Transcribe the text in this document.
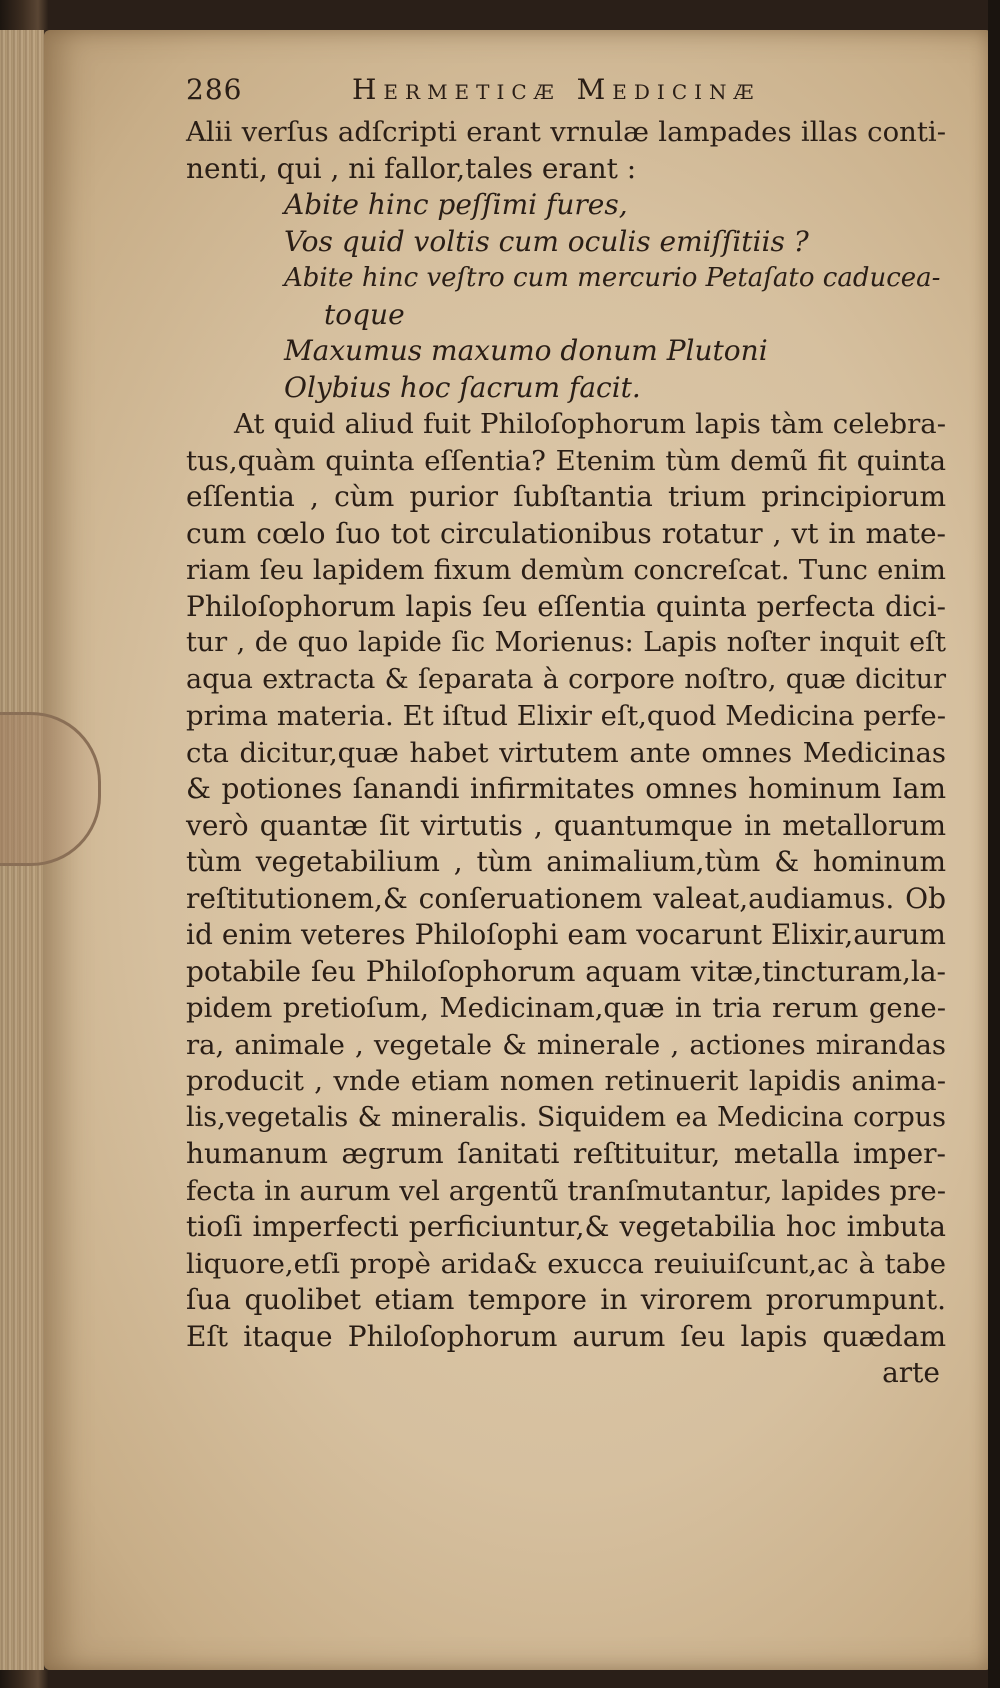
286	Hermeticæ Medicinæ
Alii verſus adſcripti erant vrnulæ lampades illas conti-
nenti, qui , ni fallor,tales erant :
Abite hinc peſſimi fures,
Vos quid voltis cum oculis emiſſitiis ?
Abite hinc veſtro cum mercurio Petaſato caducea-
toque
Maxumus maxumo donum Plutoni
Olybius hoc ſacrum facit.
At quid aliud fuit Philoſophorum lapis tàm celebra-
tus,quàm quinta eſſentia? Etenim tùm demũ fit quinta
eſſentia , cùm purior ſubſtantia trium principiorum
cum cœlo ſuo tot circulationibus rotatur , vt in mate-
riam ſeu lapidem fixum demùm concreſcat. Tunc enim
Philoſophorum lapis ſeu eſſentia quinta perfecta dici-
tur , de quo lapide ſic Morienus: Lapis noſter inquit eſt
aqua extracta & ſeparata à corpore noſtro, quæ dicitur
prima materia. Et iſtud Elixir eſt,quod Medicina perfe-
cta dicitur,quæ habet virtutem ante omnes Medicinas
& potiones ſanandi infirmitates omnes hominum Iam
verò quantæ ſit virtutis , quantumque in metallorum
tùm vegetabilium , tùm animalium,tùm & hominum
reſtitutionem,& conſeruationem valeat,audiamus. Ob
id enim veteres Philoſophi eam vocarunt Elixir,aurum
potabile ſeu Philoſophorum aquam vitæ,tincturam,la-
pidem pretioſum, Medicinam,quæ in tria rerum gene-
ra, animale , vegetale & minerale , actiones mirandas
producit , vnde etiam nomen retinuerit lapidis anima-
lis,vegetalis & mineralis. Siquidem ea Medicina corpus
humanum ægrum ſanitati reſtituitur, metalla imper-
fecta in aurum vel argentũ tranſmutantur, lapides pre-
tioſi imperfecti perficiuntur,& vegetabilia hoc imbuta
liquore,etſi propè arida& exucca reuiuiſcunt,ac à tabe
ſua quolibet etiam tempore in virorem prorumpunt.
Eſt itaque Philoſophorum aurum ſeu lapis quædam
arte
